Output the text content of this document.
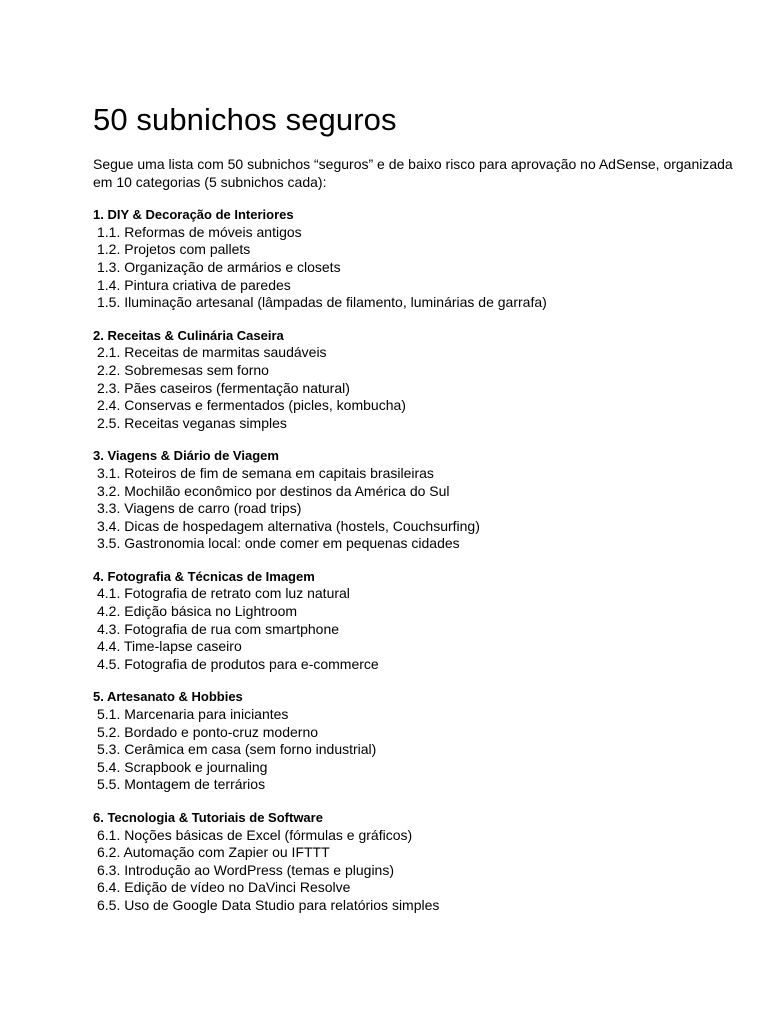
50 subnichos seguros

Segue uma lista com 50 subnichos “seguros” e de baixo risco para aprovação no AdSense, organizada em 10 categorias (5 subnichos cada):

1. DIY & Decoração de Interiores

1.1. Reformas de móveis antigos
1.2. Projetos com pallets
1.3. Organização de armários e closets
1.4. Pintura criativa de paredes
1.5. Iluminação artesanal (lâmpadas de filamento, luminárias de garrafa)

2. Receitas & Culinária Caseira

2.1. Receitas de marmitas saudáveis
2.2. Sobremesas sem forno
2.3. Pães caseiros (fermentação natural)
2.4. Conservas e fermentados (picles, kombucha)
2.5. Receitas veganas simples

3. Viagens & Diário de Viagem

3.1. Roteiros de fim de semana em capitais brasileiras
3.2. Mochilão econômico por destinos da América do Sul
3.3. Viagens de carro (road trips)
3.4. Dicas de hospedagem alternativa (hostels, Couchsurfing)
3.5. Gastronomia local: onde comer em pequenas cidades

4. Fotografia & Técnicas de Imagem

4.1. Fotografia de retrato com luz natural
4.2. Edição básica no Lightroom
4.3. Fotografia de rua com smartphone
4.4. Time-lapse caseiro
4.5. Fotografia de produtos para e-commerce

5. Artesanato & Hobbies

5.1. Marcenaria para iniciantes
5.2. Bordado e ponto-cruz moderno
5.3. Cerâmica em casa (sem forno industrial)
5.4. Scrapbook e journaling
5.5. Montagem de terrários

6. Tecnologia & Tutoriais de Software

6.1. Noções básicas de Excel (fórmulas e gráficos)
6.2. Automação com Zapier ou IFTTT
6.3. Introdução ao WordPress (temas e plugins)
6.4. Edição de vídeo no DaVinci Resolve
6.5. Uso de Google Data Studio para relatórios simples
